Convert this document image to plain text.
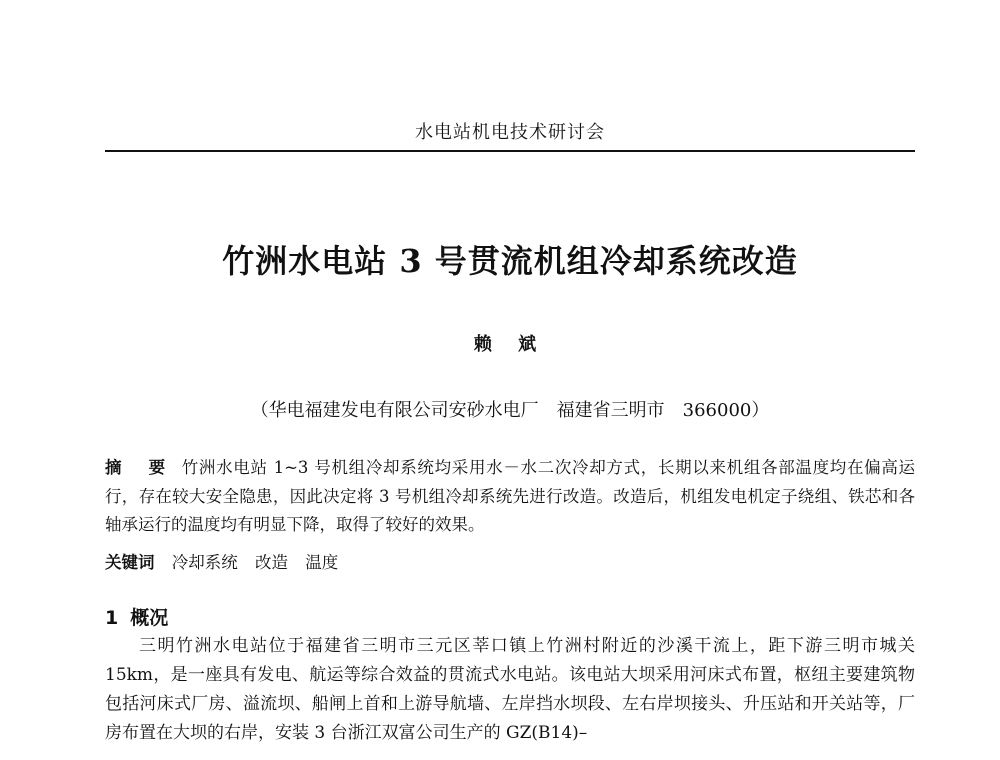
水电站机电技术研讨会
竹洲水电站 3 号贯流机组冷却系统改造
赖 斌
（华电福建发电有限公司安砂水电厂　福建省三明市　366000）
摘 要 竹洲水电站 1~3 号机组冷却系统均采用水－水二次冷却方式，长期以来机组各部温度均在偏高运行，存在较大安全隐患，因此决定将 3 号机组冷却系统先进行改造。改造后，机组发电机定子绕组、铁芯和各轴承运行的温度均有明显下降，取得了较好的效果。
关键词 冷却系统 改造 温度
1 概况
三明竹洲水电站位于福建省三明市三元区莘口镇上竹洲村附近的沙溪干流上，距下游三明市城关 15km，是一座具有发电、航运等综合效益的贯流式水电站。该电站大坝采用河床式布置，枢纽主要建筑物包括河床式厂房、溢流坝、船闸上首和上游导航墙、左岸挡水坝段、左右岸坝接头、升压站和开关站等，厂房布置在大坝的右岸，安装 3 台浙江双富公司生产的 GZ(B14)–
